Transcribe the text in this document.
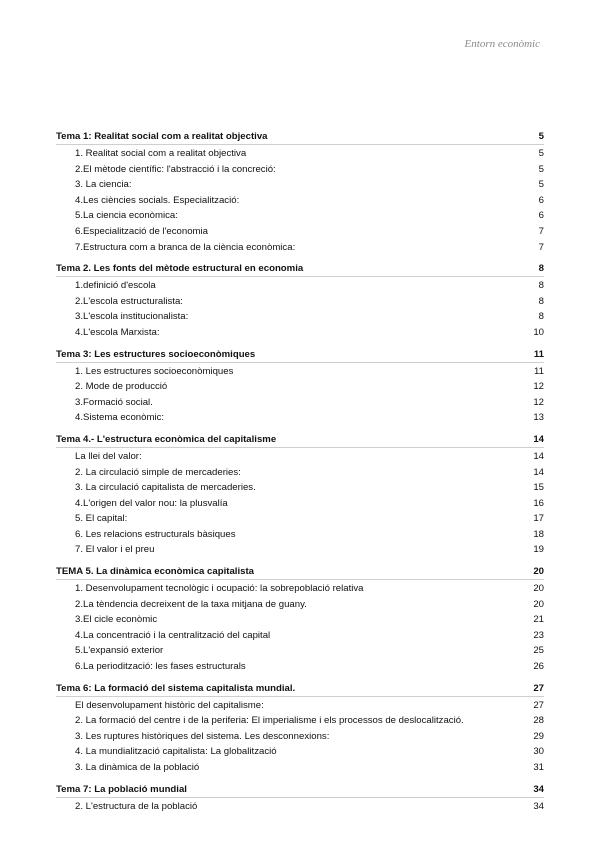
Entorn econòmic
Tema 1: Realitat social com a realitat objectiva	5
1. Realitat social com a realitat objectiva	5
2.El mètode científic: l'abstracció i la concreció:	5
3. La ciencia:	5
4.Les ciències socials. Especialització:	6
5.La ciencia econòmica:	6
6.Especialització de l'economia	7
7.Estructura com a branca de la ciència econòmica:	7
Tema 2. Les fonts del mètode estructural en economia	8
1.definició d'escola	8
2.L'escola estructuralista:	8
3.L'escola institucionalista:	8
4.L'escola Marxista:	10
Tema 3: Les estructures socioeconòmiques	11
1. Les estructures socioeconòmiques	11
2. Mode de producció	12
3.Formació social.	12
4.Sistema econòmic:	13
Tema 4.- L'estructura econòmica del capitalisme	14
La llei del valor:	14
2. La circulació simple de mercaderies:	14
3. La circulació capitalista de mercaderies.	15
4.L'origen del valor nou: la plusvalía	16
5. El capital:	17
6. Les relacions estructurals bàsiques	18
7. El valor i el preu	19
TEMA 5. La dinàmica econòmica capitalista	20
1. Desenvolupament tecnològic i ocupació: la sobrepoblació relativa	20
2.La tèndencia decreixent de la taxa mitjana de guany.	20
3.El cicle econòmic	21
4.La concentració i la centralització del capital	23
5.L'expansió exterior	25
6.La periodització: les fases estructurals	26
Tema 6: La formació del sistema capitalista mundial.	27
El desenvolupament històric del capitalisme:	27
2. La formació del centre i de la periferia: El imperialisme i els processos de deslocalització.	28
3. Les ruptures històriques del sistema. Les desconnexions:	29
4. La mundialització capitalista: La globalització	30
3. La dinàmica de la població	31
Tema 7: La població mundial	34
2. L'estructura de la població	34
